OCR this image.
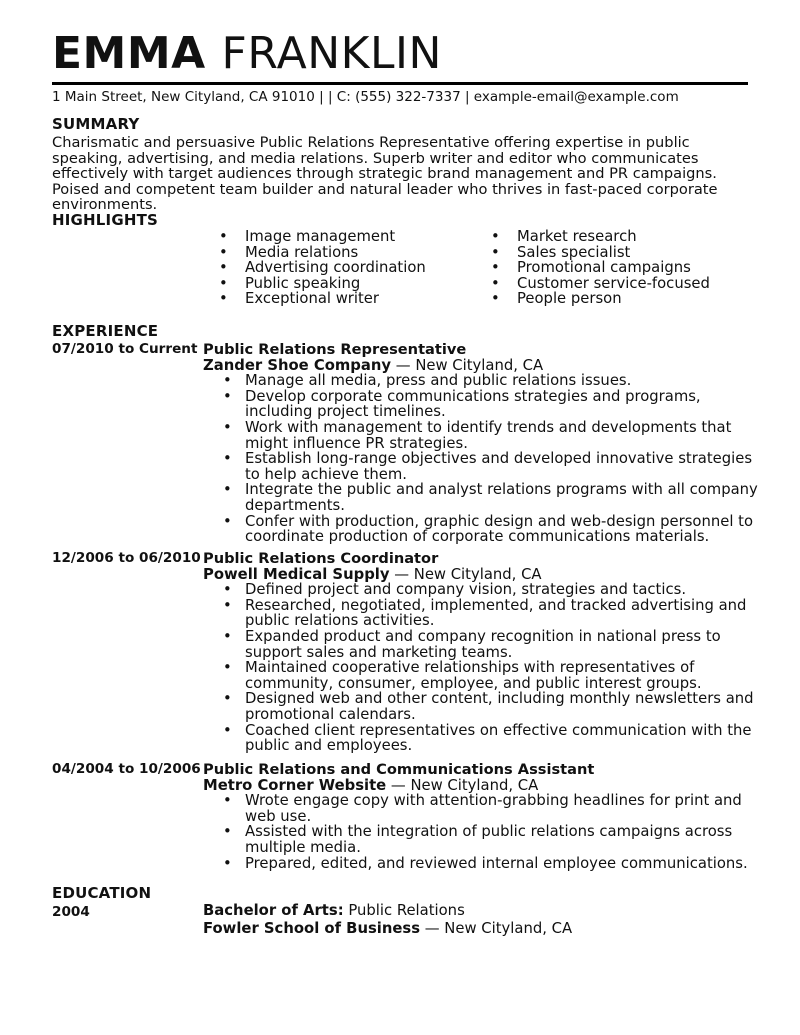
EMMA FRANKLIN
1 Main Street, New Cityland, CA 91010 | | C: (555) 322-7337 | example-email@example.com
SUMMARY

Charismatic and persuasive Public Relations Representative offering expertise in public speaking, advertising, and media relations. Superb writer and editor who communicates effectively with target audiences through strategic brand management and PR campaigns. Poised and competent team builder and natural leader who thrives in fast-paced corporate environments.

HIGHLIGHTS
• Image management
• Media relations
• Advertising coordination
• Public speaking
• Exceptional writer
• Market research
• Sales specialist
• Promotional campaigns
• Customer service-focused
• People person
EXPERIENCE
07/2010 to Current Public Relations Representative
Zander Shoe Company — New Cityland, CA
• Manage all media, press and public relations issues.
• Develop corporate communications strategies and programs, including project timelines.
• Work with management to identify trends and developments that might influence PR strategies.
• Establish long-range objectives and developed innovative strategies to help achieve them.
• Integrate the public and analyst relations programs with all company departments.
• Confer with production, graphic design and web-design personnel to coordinate production of corporate communications materials.
12/2006 to 06/2010 Public Relations Coordinator
Powell Medical Supply — New Cityland, CA
• Defined project and company vision, strategies and tactics.
• Researched, negotiated, implemented, and tracked advertising and public relations activities.
• Expanded product and company recognition in national press to support sales and marketing teams.
• Maintained cooperative relationships with representatives of community, consumer, employee, and public interest groups.
• Designed web and other content, including monthly newsletters and promotional calendars.
• Coached client representatives on effective communication with the public and employees.
04/2004 to 10/2006 Public Relations and Communications Assistant
Metro Corner Website — New Cityland, CA
• Wrote engage copy with attention-grabbing headlines for print and web use.
• Assisted with the integration of public relations campaigns across multiple media.
• Prepared, edited, and reviewed internal employee communications.
EDUCATION
2004	Bachelor of Arts: Public Relations
Fowler School of Business — New Cityland, CA
